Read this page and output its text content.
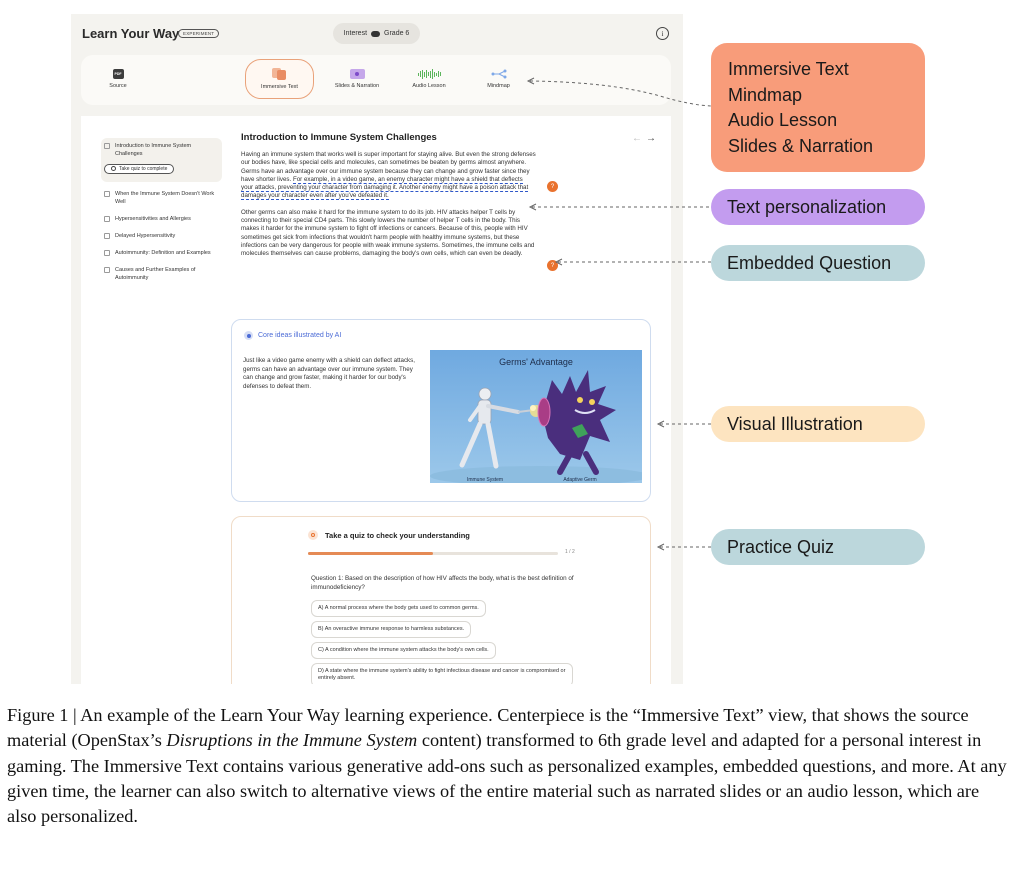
Learn Your Way EXPERIMENT	Interest Grade 6	i
PDF
Source	Immersive Text	Slides & Narration	Audio Lesson	Mindmap
Introduction to Immune System Challenges
Take quiz to complete
When the Immune System Doesn't Work Well
Hypersensitivities and Allergies
Delayed Hypersensitivity
Autoimmunity: Definition and Examples
Causes and Further Examples of Autoimmunity
Introduction to Immune System Challenges	←→

Having an immune system that works well is super important for staying alive. But even the strong defenses our bodies have, like special cells and molecules, can sometimes be beaten by germs almost anywhere. Germs have an advantage over our immune system because they can change and grow faster since they have shorter lives. For example, in a video game, an enemy character might have a shield that deflects your attacks, preventing your character from damaging it. Another enemy might have a poison attack that damages your character even after you've defeated it.

Other germs can also make it hard for the immune system to do its job. HIV attacks helper T cells by connecting to their special CD4 parts. This slowly lowers the number of helper T cells in the body. This makes it harder for the immune system to fight off infections or cancers. Because of this, people with HIV sometimes get sick from infections that wouldn't harm people with healthy immune systems, but these infections can be very dangerous for people with weak immune systems. Sometimes, the immune cells and molecules themselves can cause problems, damaging the body's own cells, which can even be deadly.

?
?
Core ideas illustrated by AI
Just like a video game enemy with a shield can deflect attacks, germs can have an advantage over our immune system. They can change and grow faster, making it harder for our body's defenses to defeat them.
Germs' Advantage
Immune System	Adaptive Germ
Take a quiz to check your understanding
1 / 2
Question 1: Based on the description of how HIV affects the body, what is the best definition of immunodeficiency?
A) A normal process where the body gets used to common germs.
B) An overactive immune response to harmless substances.
C) A condition where the immune system attacks the body's own cells.
D) A state where the immune system's ability to fight infectious disease and cancer is compromised or entirely absent.
Immersive Text
Mindmap
Audio Lesson
Slides & Narration
Text personalization
Embedded Question
Visual Illustration
Practice Quiz

Figure 1 | An example of the Learn Your Way learning experience. Centerpiece is the “Immersive Text” view, that shows the source material (OpenStax’s Disruptions in the Immune System content) transformed to 6th grade level and adapted for a personal interest in gaming. The Immersive Text contains various generative add-ons such as personalized examples, embedded questions, and more. At any given time, the learner can also switch to alternative views of the entire material such as narrated slides or an audio lesson, which are also personalized.
